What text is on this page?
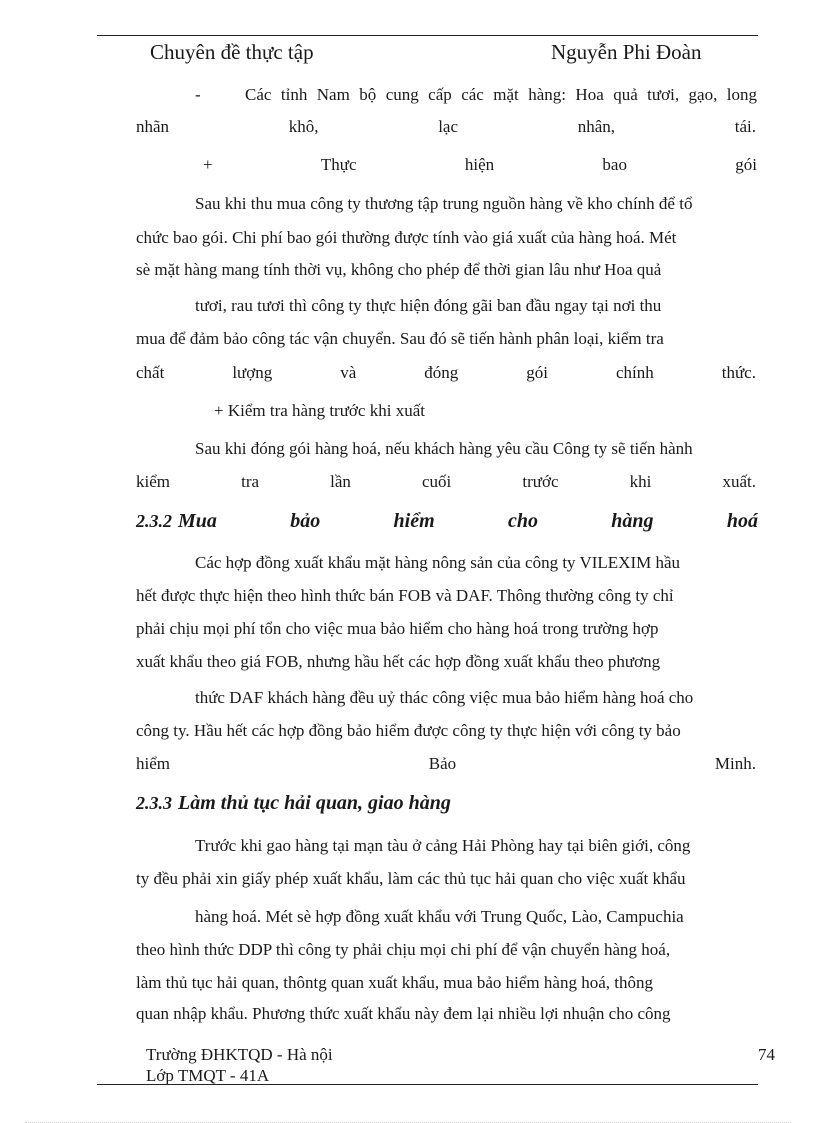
Chuyên đề thực tập	Nguyễn Phi Đoàn
-	Các tỉnh Nam bộ cung cấp các mặt hàng: Hoa quả tươi, gạo, long
nhãn	khô,	lạc	nhân,	tái.
+	Thực	hiện	bao	gói
Sau khi thu mua công ty thương tập trung nguồn hàng về kho chính để tổ
chức bao gói. Chi phí bao gói thường được tính vào giá xuất của hàng hoá. Mét
sè mặt hàng mang tính thời vụ, không cho phép để thời gian lâu như Hoa quả
tươi, rau tươi thì công ty thực hiện đóng gãi ban đầu ngay tại nơi thu
mua để đảm bảo công tác vận chuyển. Sau đó sẽ tiến hành phân loại, kiểm tra
chất	lượng	và	đóng	gói	chính	thức.
+ Kiểm tra hàng trước khi xuất
Sau khi đóng gói hàng hoá, nếu khách hàng yêu cầu Công ty sẽ tiến hành
kiểm	tra	lần	cuối	trước	khi	xuất.
2.3.2 Mua	bảo	hiểm	cho	hàng	hoá
Các hợp đồng xuất khẩu mặt hàng nông sản của công ty VILEXIM hầu
hết được thực hiện theo hình thức bán FOB và DAF. Thông thường công ty chỉ
phải chịu mọi phí tổn cho việc mua bảo hiểm cho hàng hoá trong trường hợp
xuất khẩu theo giá FOB, nhưng hầu hết các hợp đồng xuất khẩu theo phương
thức DAF khách hàng đều uỷ thác công việc mua bảo hiểm hàng hoá cho
công ty. Hầu hết các hợp đồng bảo hiểm được công ty thực hiện với công ty bảo
hiểm	Bảo	Minh.
2.3.3 Làm thủ tục hải quan, giao hàng
Trước khi gao hàng tại mạn tàu ở cảng Hải Phòng hay tại biên giới, công
ty đều phải xin giấy phép xuất khẩu, làm các thủ tục hải quan cho việc xuất khẩu
hàng hoá. Mét sè hợp đồng xuất khẩu với Trung Quốc, Lào, Campuchia
theo hình thức DDP thì công ty phải chịu mọi chi phí để vận chuyển hàng hoá,
làm thủ tục hải quan, thôntg quan xuất khẩu, mua bảo hiểm hàng hoá, thông
quan nhập khẩu. Phương thức xuất khẩu này đem lại nhiều lợi nhuận cho công
Trường ĐHKTQD - Hà nội
Lớp TMQT - 41A
74
